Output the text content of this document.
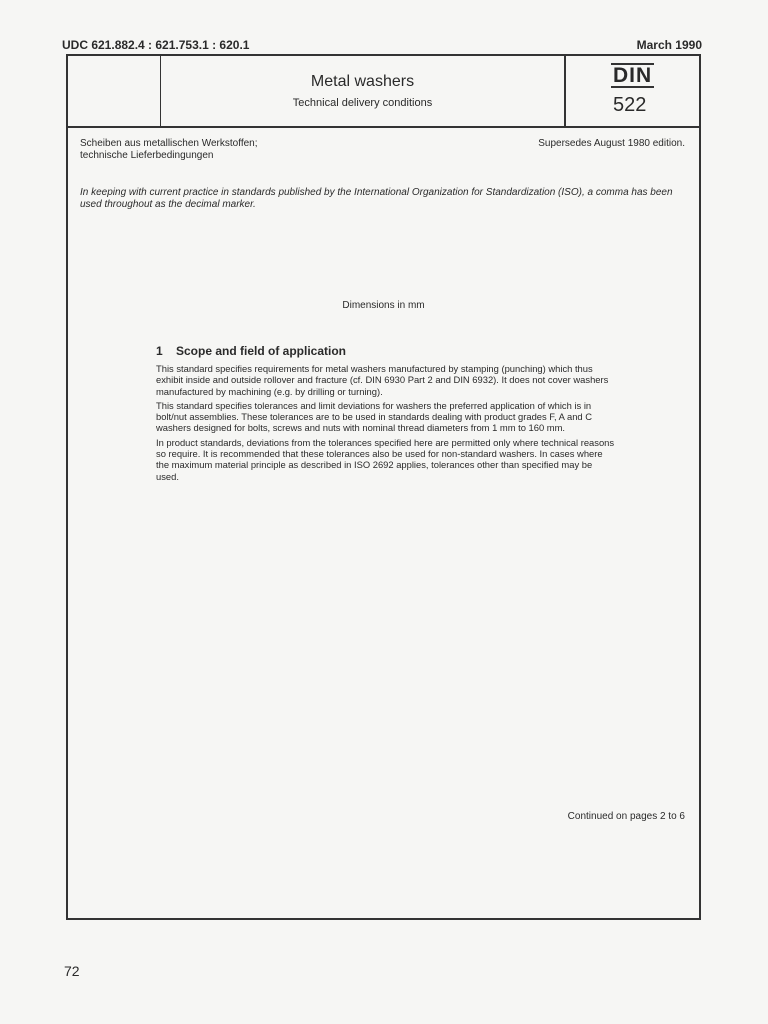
UDC 621.882.4 : 621.753.1 : 620.1	March 1990
Metal washers
Technical delivery conditions
DIN
522
Scheiben aus metallischen Werkstoffen;
technische Lieferbedingungen
Supersedes August 1980 edition.
In keeping with current practice in standards published by the International Organization for Standardization (ISO), a comma has been used throughout as the decimal marker.
Dimensions in mm
1 Scope and field of application

This standard specifies requirements for metal washers manufactured by stamping (punching) which thus exhibit inside and outside rollover and fracture (cf. DIN 6930 Part 2 and DIN 6932). It does not cover washers manufactured by machining (e.g. by drilling or turning).

This standard specifies tolerances and limit deviations for washers the preferred application of which is in bolt/nut assemblies. These tolerances are to be used in standards dealing with product grades F, A and C washers designed for bolts, screws and nuts with nominal thread diameters from 1 mm to 160 mm.

In product standards, deviations from the tolerances specified here are permitted only where technical reasons so require. It is recommended that these tolerances also be used for non-standard washers. In cases where the maximum material principle as described in ISO 2692 applies, tolerances other than specified may be used.

Continued on pages 2 to 6
72
